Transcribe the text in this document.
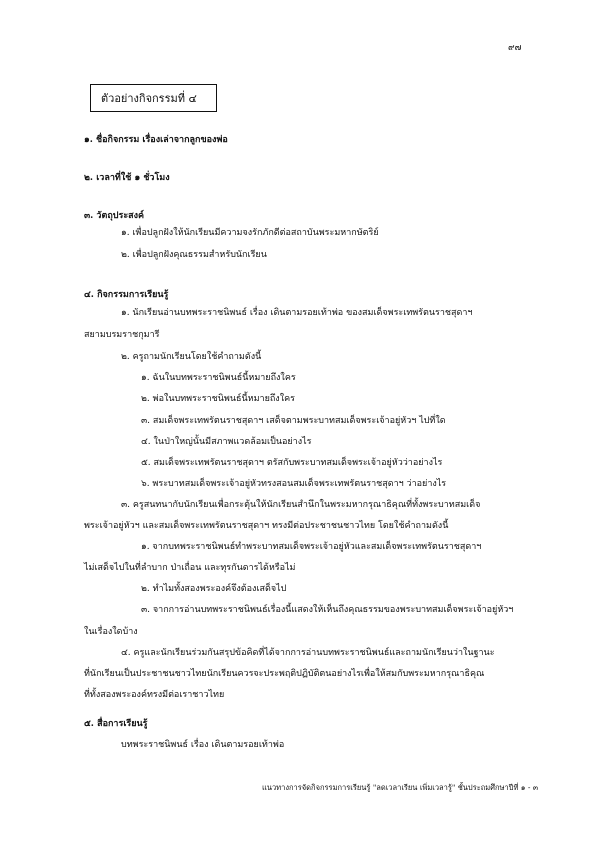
๙๗
ตัวอย่างกิจกรรมที่ ๔
๑. ชื่อกิจกรรม เรื่องเล่าจากลูกของพ่อ
๒. เวลาที่ใช้ ๑ ชั่วโมง
๓. วัตถุประสงค์
๑. เพื่อปลูกฝังให้นักเรียนมีความจงรักภักดีต่อสถาบันพระมหากษัตริย์
๒. เพื่อปลูกฝังคุณธรรมสำหรับนักเรียน
๔. กิจกรรมการเรียนรู้
๑. นักเรียนอ่านบทพระราชนิพนธ์ เรื่อง เดินตามรอยเท้าพ่อ ของสมเด็จพระเทพรัตนราชสุดาฯ
สยามบรมราชกุมารี
๒. ครูถามนักเรียนโดยใช้คำถามดังนี้
๑. ฉันในบทพระราชนิพนธ์นี้หมายถึงใคร
๒. พ่อในบทพระราชนิพนธ์นี้หมายถึงใคร
๓. สมเด็จพระเทพรัตนราชสุดาฯ เสด็จตามพระบาทสมเด็จพระเจ้าอยู่หัวฯ ไปที่ใด
๔. ในป่าใหญ่นั้นมีสภาพแวดล้อมเป็นอย่างไร
๕. สมเด็จพระเทพรัตนราชสุดาฯ ตรัสกับพระบาทสมเด็จพระเจ้าอยู่หัวว่าอย่างไร
๖. พระบาทสมเด็จพระเจ้าอยู่หัวทรงสอนสมเด็จพระเทพรัตนราชสุดาฯ ว่าอย่างไร
๓. ครูสนทนากับนักเรียนเพื่อกระตุ้นให้นักเรียนสำนึกในพระมหากรุณาธิคุณที่ทั้งพระบาทสมเด็จ
พระเจ้าอยู่หัวฯ และสมเด็จพระเทพรัตนราชสุดาฯ ทรงมีต่อประชาชนชาวไทย โดยใช้คำถามดังนี้
๑. จากบทพระราชนิพนธ์ทำพระบาทสมเด็จพระเจ้าอยู่หัวและสมเด็จพระเทพรัตนราชสุดาฯ
ไม่เสด็จไปในที่ลำบาก ป่าเถื่อน และทุรกันดารได้หรือไม่
๒. ทำไมทั้งสองพระองค์จึงต้องเสด็จไป
๓. จากการอ่านบทพระราชนิพนธ์เรื่องนี้แสดงให้เห็นถึงคุณธรรมของพระบาทสมเด็จพระเจ้าอยู่หัวฯ
ในเรื่องใดบ้าง
๔. ครูและนักเรียนร่วมกันสรุปข้อคิดที่ได้จากการอ่านบทพระราชนิพนธ์และถามนักเรียนว่าในฐานะ
ที่นักเรียนเป็นประชาชนชาวไทยนักเรียนควรจะประพฤติปฏิบัติตนอย่างไรเพื่อให้สมกับพระมหากรุณาธิคุณ
ที่ทั้งสองพระองค์ทรงมีต่อเราชาวไทย
๕. สื่อการเรียนรู้
บทพระราชนิพนธ์ เรื่อง เดินตามรอยเท้าพ่อ
แนวทางการจัดกิจกรรมการเรียนรู้ "ลดเวลาเรียน เพิ่มเวลารู้" ชั้นประถมศึกษาปีที่ ๑ - ๓
